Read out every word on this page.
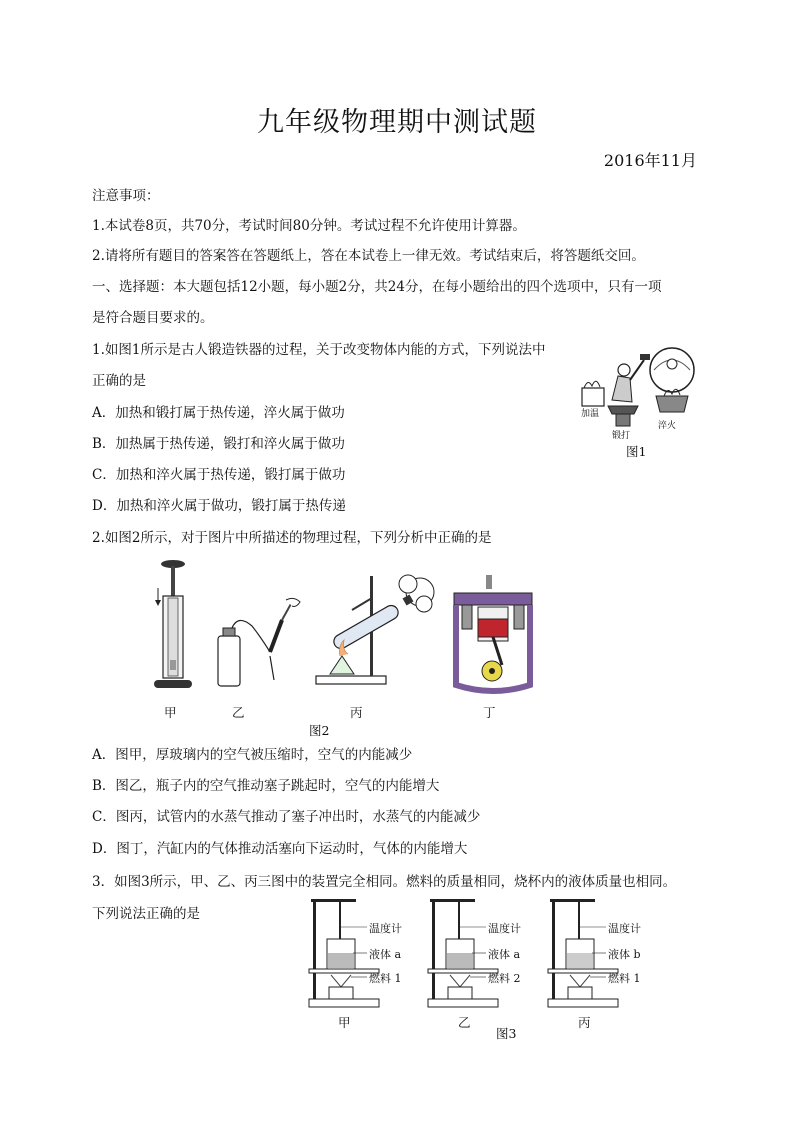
九年级物理期中测试题
2016年11月
注意事项：
1.本试卷8页，共70分，考试时间80分钟。考试过程不允许使用计算器。
2.请将所有题目的答案答在答题纸上，答在本试卷上一律无效。考试结束后，将答题纸交回。
一、选择题：本大题包括12小题，每小题2分，共24分，在每小题给出的四个选项中，只有一项
是符合题目要求的。
1.如图1所示是古人锻造铁器的过程，关于改变物体内能的方式，下列说法中
正确的是
A．加热和锻打属于热传递，淬火属于做功
B．加热属于热传递，锻打和淬火属于做功
C．加热和淬火属于热传递，锻打属于做功
D．加热和淬火属于做功，锻打属于热传递
加温
锻打
淬火
图1
2.如图2所示，对于图片中所描述的物理过程，下列分析中正确的是
甲	乙	丙	丁
图2
A．图甲，厚玻璃内的空气被压缩时，空气的内能减少
B．图乙，瓶子内的空气推动塞子跳起时，空气的内能增大
C．图丙，试管内的水蒸气推动了塞子冲出时，水蒸气的内能减少
D．图丁，汽缸内的气体推动活塞向下运动时，气体的内能增大
3．如图3所示，甲、乙、丙三图中的装置完全相同。燃料的质量相同，烧杯内的液体质量也相同。
下列说法正确的是
温度计
液体 a
燃料 1
甲
温度计
液体 a
燃料 2
乙
温度计
液体 b
燃料 1
丙
图3
